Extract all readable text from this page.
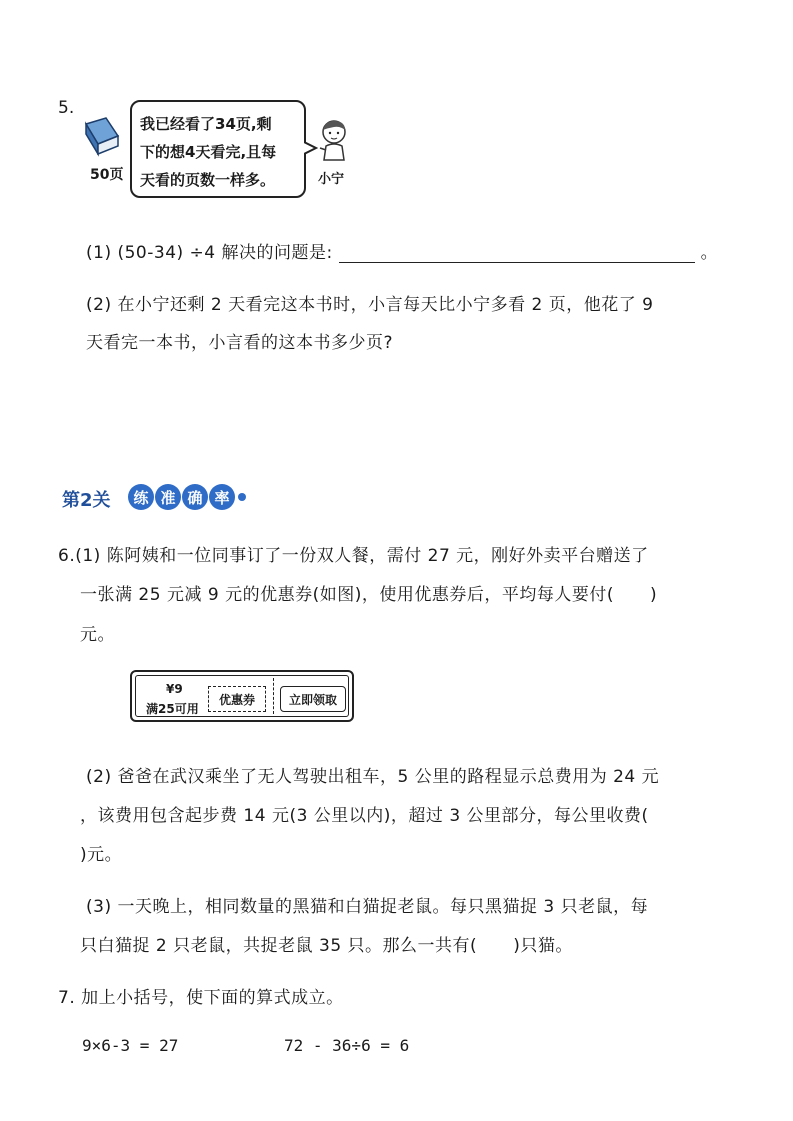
5.
50页
我已经看了34页,剩
下的想4天看完,且每
天看的页数一样多。	小宁
(1) (50-34) ÷4 解决的问题是:	。
(2) 在小宁还剩 2 天看完这本书时，小言每天比小宁多看 2 页，他花了 9
天看完一本书，小言看的这本书多少页?
第2关	练 准 确 率
6.(1) 陈阿姨和一位同事订了一份双人餐，需付 27 元，刚好外卖平台赠送了
一张满 25 元减 9 元的优惠券(如图)，使用优惠券后，平均每人要付( )
元。
¥9
满25可用
优惠券	立即领取
(2) 爸爸在武汉乘坐了无人驾驶出租车，5 公里的路程显示总费用为 24 元
，该费用包含起步费 14 元(3 公里以内)，超过 3 公里部分，每公里收费(
)元。
(3) 一天晚上，相同数量的黑猫和白猫捉老鼠。每只黑猫捉 3 只老鼠，每
只白猫捉 2 只老鼠，共捉老鼠 35 只。那么一共有( )只猫。
7. 加上小括号，使下面的算式成立。
9×6-3 = 27	72 - 36÷6 = 6
